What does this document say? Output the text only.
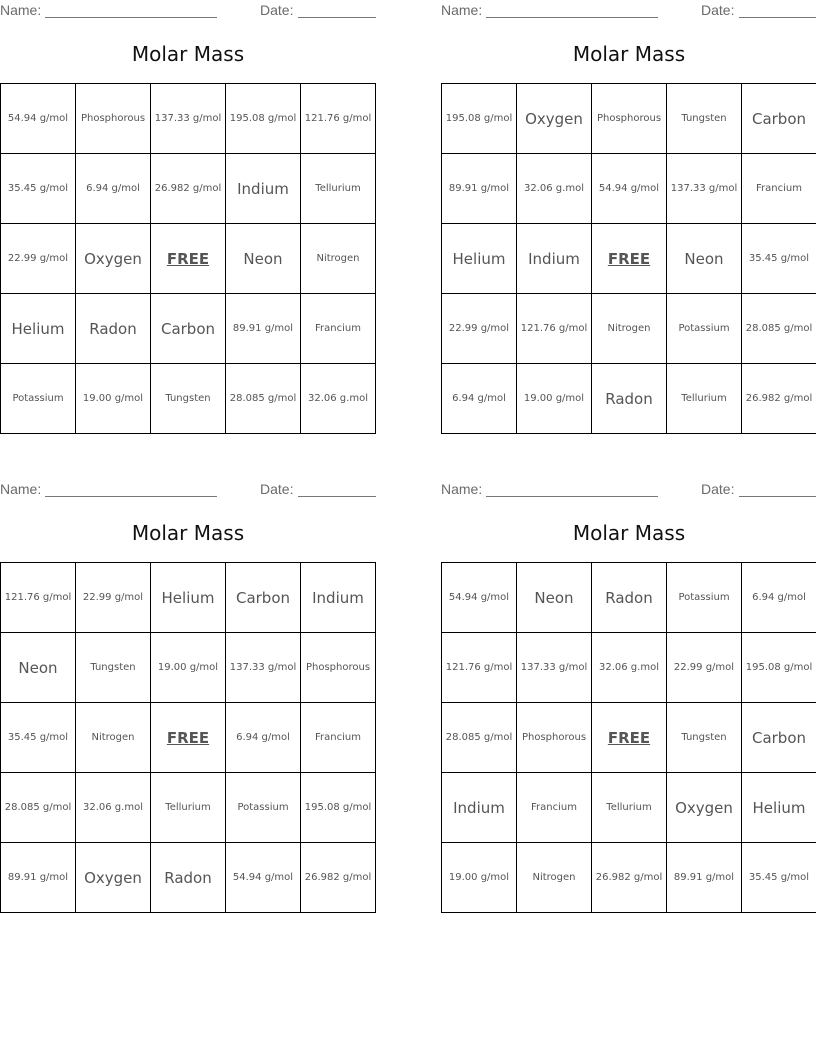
Name:	Date:
Molar Mass
54.94 g/mol	Phosphorous	137.33 g/mol	195.08 g/mol	121.76 g/mol
35.45 g/mol	6.94 g/mol	26.982 g/mol	Indium	Tellurium
22.99 g/mol	Oxygen	FREE	Neon	Nitrogen
Helium	Radon	Carbon	89.91 g/mol	Francium
Potassium	19.00 g/mol	Tungsten	28.085 g/mol	32.06 g.mol
Name:	Date:
Molar Mass
195.08 g/mol	Oxygen	Phosphorous	Tungsten	Carbon
89.91 g/mol	32.06 g.mol	54.94 g/mol	137.33 g/mol	Francium
Helium	Indium	FREE	Neon	35.45 g/mol
22.99 g/mol	121.76 g/mol	Nitrogen	Potassium	28.085 g/mol
6.94 g/mol	19.00 g/mol	Radon	Tellurium	26.982 g/mol
Name:	Date:
Molar Mass
121.76 g/mol	22.99 g/mol	Helium	Carbon	Indium
Neon	Tungsten	19.00 g/mol	137.33 g/mol	Phosphorous
35.45 g/mol	Nitrogen	FREE	6.94 g/mol	Francium
28.085 g/mol	32.06 g.mol	Tellurium	Potassium	195.08 g/mol
89.91 g/mol	Oxygen	Radon	54.94 g/mol	26.982 g/mol
Name:	Date:
Molar Mass
54.94 g/mol	Neon	Radon	Potassium	6.94 g/mol
121.76 g/mol	137.33 g/mol	32.06 g.mol	22.99 g/mol	195.08 g/mol
28.085 g/mol	Phosphorous	FREE	Tungsten	Carbon
Indium	Francium	Tellurium	Oxygen	Helium
19.00 g/mol	Nitrogen	26.982 g/mol	89.91 g/mol	35.45 g/mol
